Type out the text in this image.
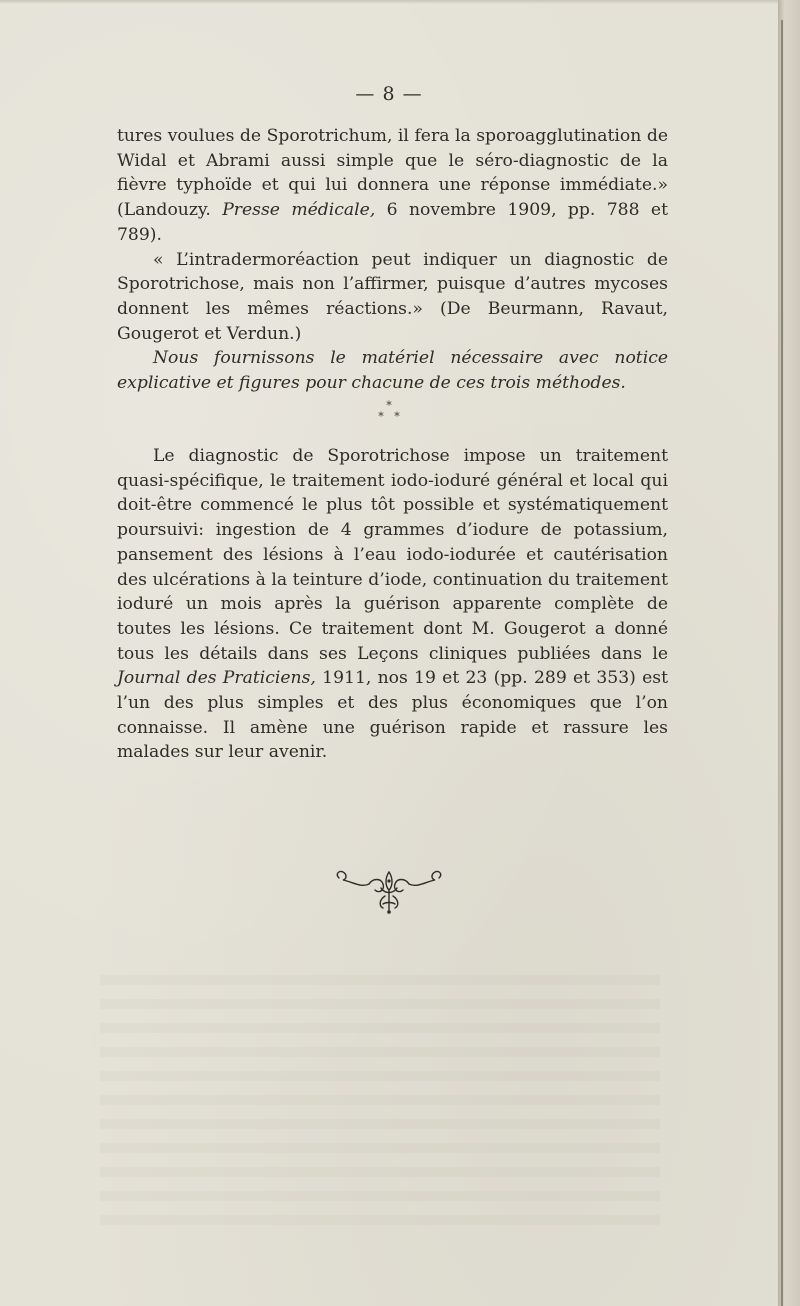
— 8 —

tures voulues de Sporotrichum, il fera la sporoagglutination de Widal et Abrami aussi simple que le séro-diagnostic de la fièvre typhoïde et qui lui donnera une réponse immédiate.» (Landouzy. Presse médicale, 6 novembre 1909, pp. 788 et 789).

« L’intradermoréaction peut indiquer un diagnostic de Sporotrichose, mais non l’affirmer, puisque d’autres mycoses donnent les mêmes réactions.» (De Beurmann, Ravaut, Gougerot et Verdun.)

Nous fournissons le matériel nécessaire avec notice explicative et figures pour chacune de ces trois méthodes.

*
*   *

Le diagnostic de Sporotrichose impose un traitement quasi-spécifique, le traitement iodo-ioduré général et local qui doit-être commencé le plus tôt possible et systématiquement poursuivi: ingestion de 4 grammes d’iodure de potassium, pansement des lésions à l’eau iodo-iodurée et cautérisation des ulcérations à la teinture d’iode, continuation du traitement ioduré un mois après la guérison apparente complète de toutes les lésions. Ce traitement dont M. Gougerot a donné tous les détails dans ses Leçons cliniques publiées dans le Journal des Praticiens, 1911, nos 19 et 23 (pp. 289 et 353) est l’un des plus simples et des plus économiques que l’on connaisse. Il amène une guérison rapide et rassure les malades sur leur avenir.
